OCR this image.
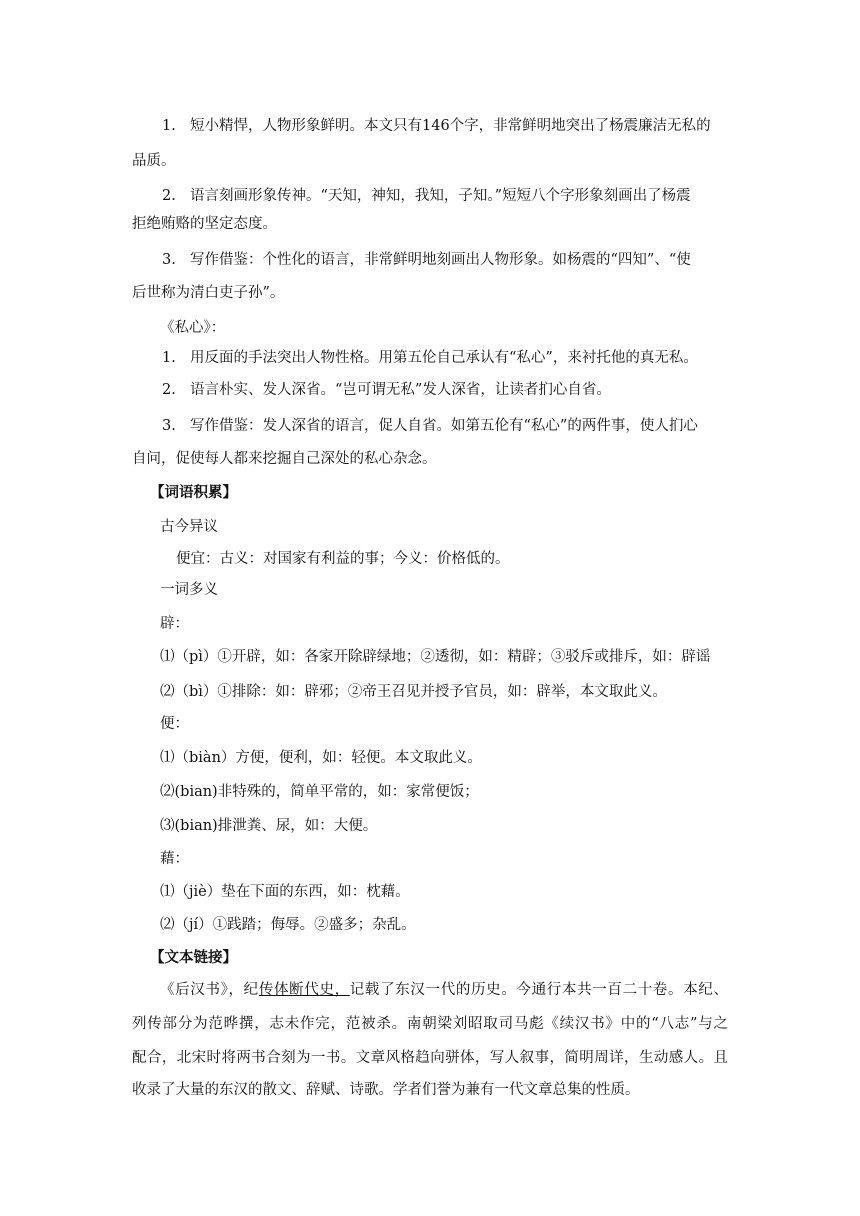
1. 短小精悍，人物形象鲜明。本文只有146个字，非常鲜明地突出了杨震廉洁无私的
品质。
2. 语言刻画形象传神。“天知，神知，我知，子知。”短短八个字形象刻画出了杨震
拒绝贿赂的坚定态度。
3. 写作借鉴：个性化的语言，非常鲜明地刻画出人物形象。如杨震的“四知”、“使
后世称为清白吏子孙”。
《私心》：
1. 用反面的手法突出人物性格。用第五伦自己承认有“私心”，来衬托他的真无私。
2. 语言朴实、发人深省。“岂可谓无私”发人深省，让读者扪心自省。
3. 写作借鉴：发人深省的语言，促人自省。如第五伦有“私心”的两件事，使人扪心
自问，促使每人都来挖掘自己深处的私心杂念。
【词语积累】
古今异议
便宜：古义：对国家有利益的事；今义：价格低的。
一词多义
辟：
⑴（pì）①开辟，如：各家开除辟绿地；②透彻，如：精辟；③驳斥或排斥，如：辟谣
⑵（bì）①排除：如：辟邪；②帝王召见并授予官员，如：辟举，本文取此义。
便：
⑴（biàn）方便，便利，如：轻便。本文取此义。
⑵(bian)非特殊的，简单平常的，如：家常便饭；
⑶(bian)排泄粪、尿，如：大便。
藉：
⑴（jiè）垫在下面的东西，如：枕藉。
⑵（jí）①践踏；侮辱。②盛多；杂乱。
【文本链接】
《后汉书》，纪传体断代史，记载了东汉一代的历史。今通行本共一百二十卷。本纪、
列传部分为范晔撰，志未作完，范被杀。南朝梁刘昭取司马彪《续汉书》中的“八志”与之
配合，北宋时将两书合刻为一书。文章风格趋向骈体，写人叙事，简明周详，生动感人。且
收录了大量的东汉的散文、辞赋、诗歌。学者们誉为兼有一代文章总集的性质。
